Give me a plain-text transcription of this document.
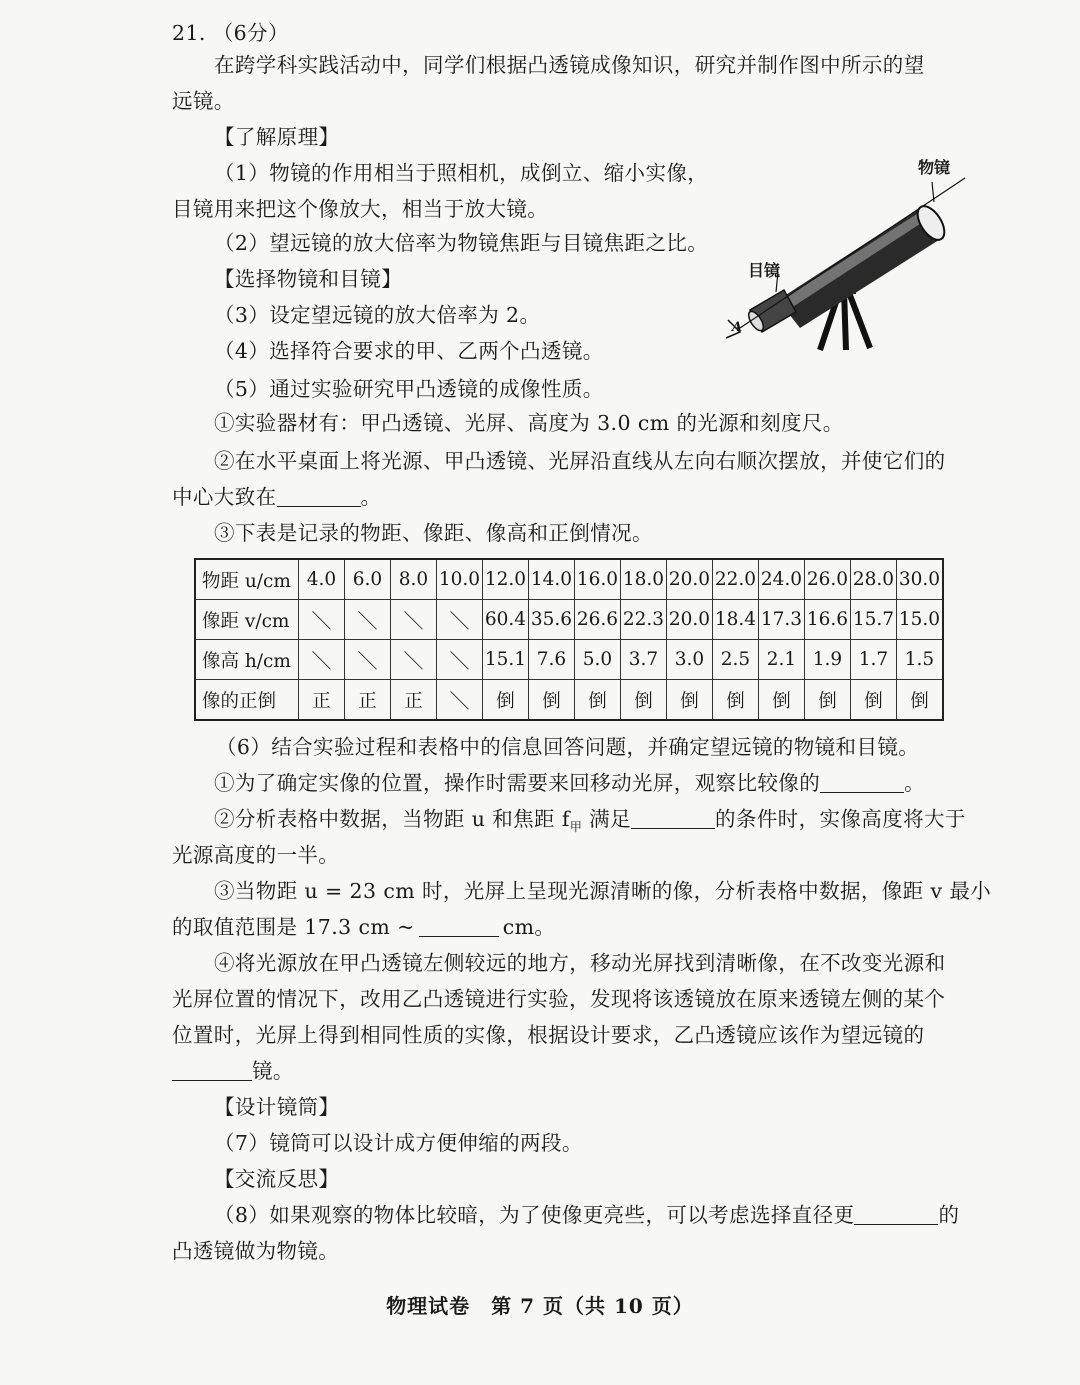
21. （6分）
在跨学科实践活动中，同学们根据凸透镜成像知识，研究并制作图中所示的望
远镜。
【了解原理】
（1）物镜的作用相当于照相机，成倒立、缩小实像，
目镜用来把这个像放大，相当于放大镜。
（2）望远镜的放大倍率为物镜焦距与目镜焦距之比。
【选择物镜和目镜】
（3）设定望远镜的放大倍率为 2。
（4）选择符合要求的甲、乙两个凸透镜。
（5）通过实验研究甲凸透镜的成像性质。
①实验器材有：甲凸透镜、光屏、高度为 3.0 cm 的光源和刻度尺。
②在水平桌面上将光源、甲凸透镜、光屏沿直线从左向右顺次摆放，并使它们的
中心大致在	。
③下表是记录的物距、像距、像高和正倒情况。
物镜
目镜
A
物距 u/cm	4.0	6.0	8.0	10.0	12.0	14.0	16.0	18.0	20.0	22.0	24.0	26.0	28.0	30.0
像距 v/cm	＼	＼	＼	＼	60.4	35.6	26.6	22.3	20.0	18.4	17.3	16.6	15.7	15.0
像高 h/cm	＼	＼	＼	＼	15.1	7.6	5.0	3.7	3.0	2.5	2.1	1.9	1.7	1.5
像的正倒	正	正	正	＼	倒	倒	倒	倒	倒	倒	倒	倒	倒	倒
（6）结合实验过程和表格中的信息回答问题，并确定望远镜的物镜和目镜。
①为了确定实像的位置，操作时需要来回移动光屏，观察比较像的	。
②分析表格中数据，当物距 u 和焦距 $f_甲$ 满足	的条件时，实像高度将大于
光源高度的一半。
③当物距 u = 23 cm 时，光屏上呈现光源清晰的像，分析表格中数据，像距 v 最小
的取值范围是 17.3 cm ~	cm。
④将光源放在甲凸透镜左侧较远的地方，移动光屏找到清晰像，在不改变光源和
光屏位置的情况下，改用乙凸透镜进行实验，发现将该透镜放在原来透镜左侧的某个
位置时，光屏上得到相同性质的实像，根据设计要求，乙凸透镜应该作为望远镜的
镜。
【设计镜筒】
（7）镜筒可以设计成方便伸缩的两段。
【交流反思】
（8）如果观察的物体比较暗，为了使像更亮些，可以考虑选择直径更	的
凸透镜做为物镜。
物理试卷　第 7 页（共 10 页）
